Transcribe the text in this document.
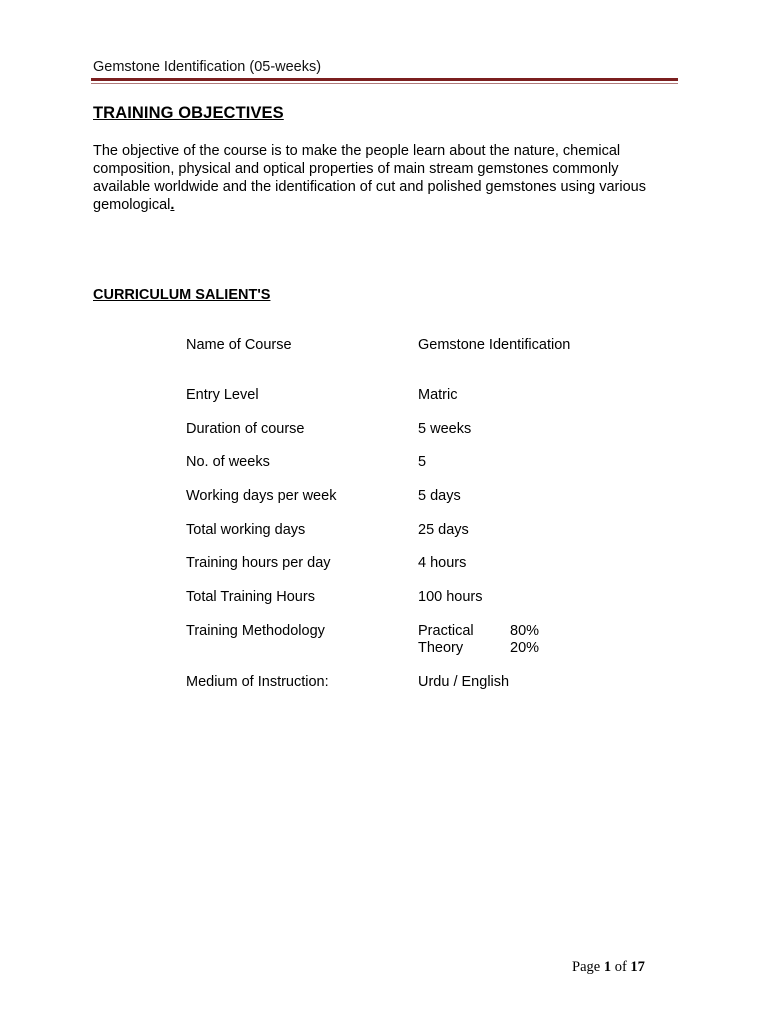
Gemstone Identification (05-weeks)
TRAINING OBJECTIVES
The objective of the course is to make the people learn about the nature, chemical composition, physical and optical properties of main stream gemstones commonly available worldwide and the identification of cut and polished gemstones using various gemological.
CURRICULUM SALIENT'S
Name of Course	Gemstone Identification
Entry Level	Matric
Duration of course	5 weeks
No. of weeks	5
Working days per week	5 days
Total working days	25 days
Training hours per day	4 hours
Total Training Hours	100 hours
Training Methodology	Practical	80%
Theory	20%
Medium of Instruction:	Urdu / English
Page 1 of 17
